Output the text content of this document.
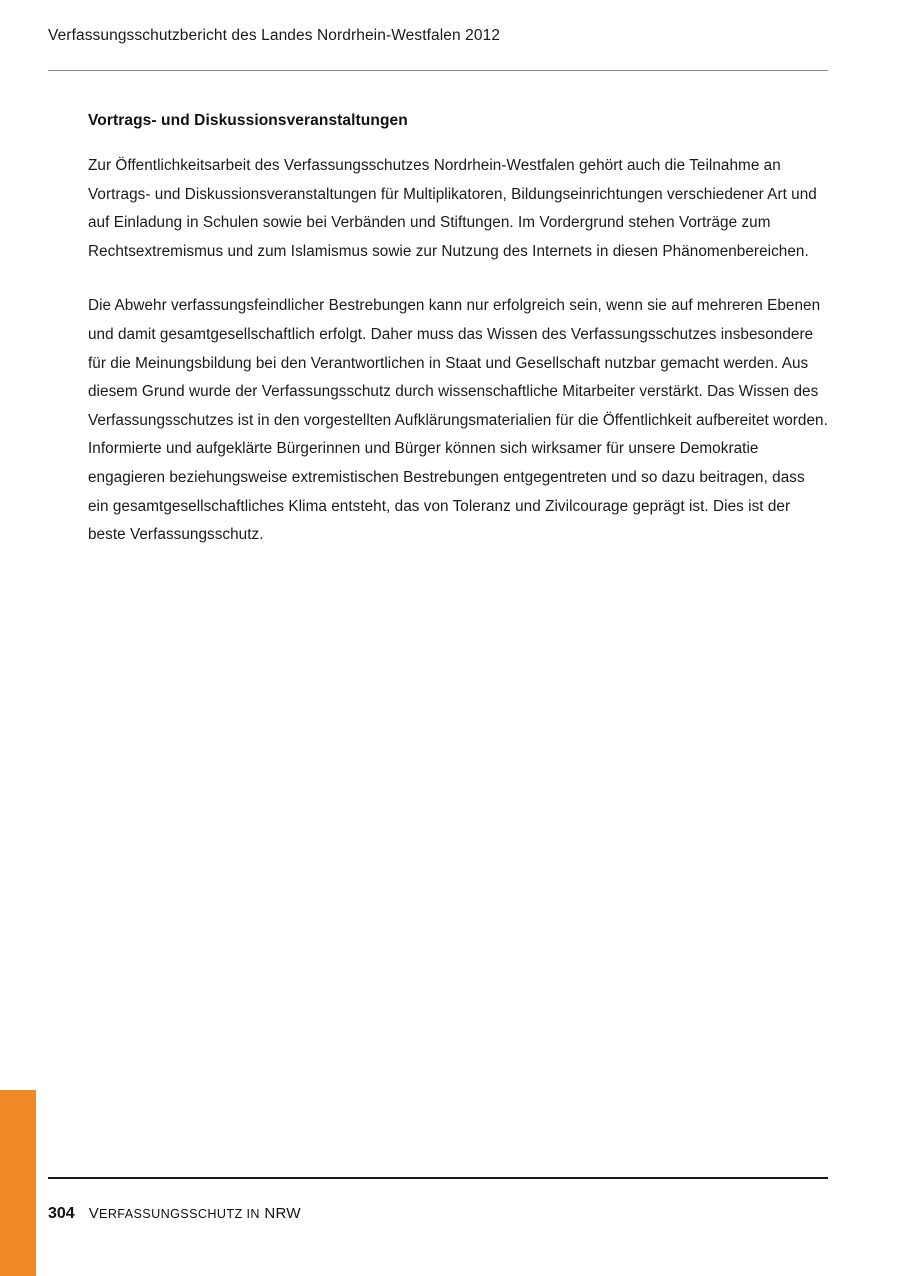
Verfassungsschutzbericht des Landes Nordrhein-Westfalen 2012
Vortrags- und Diskussionsveranstaltungen

Zur Öffentlichkeitsarbeit des Verfassungsschutzes Nordrhein-Westfalen gehört auch die Teilnahme an Vortrags- und Diskussionsveranstaltungen für Multiplikatoren, Bildungseinrichtungen verschiedener Art und auf Einladung in Schulen sowie bei Verbänden und Stiftungen. Im Vordergrund stehen Vorträge zum Rechtsextremismus und zum Islamismus sowie zur Nutzung des Internets in diesen Phänomenbereichen.

Die Abwehr verfassungsfeindlicher Bestrebungen kann nur erfolgreich sein, wenn sie auf mehreren Ebenen und damit gesamtgesellschaftlich erfolgt. Daher muss das Wissen des Verfassungsschutzes insbesondere für die Meinungsbildung bei den Verantwortlichen in Staat und Gesellschaft nutzbar gemacht werden. Aus diesem Grund wurde der Verfassungsschutz durch wissenschaftliche Mitarbeiter verstärkt. Das Wissen des Verfassungsschutzes ist in den vorgestellten Aufklärungsmaterialien für die Öffentlichkeit aufbereitet worden. Informierte und aufgeklärte Bürgerinnen und Bürger können sich wirksamer für unsere Demokratie engagieren beziehungsweise extremistischen Bestrebungen entgegentreten und so dazu beitragen, dass ein gesamtgesellschaftliches Klima entsteht, das von Toleranz und Zivilcourage geprägt ist. Dies ist der beste Verfassungsschutz.

304 VERFASSUNGSSCHUTZ IN NRW
